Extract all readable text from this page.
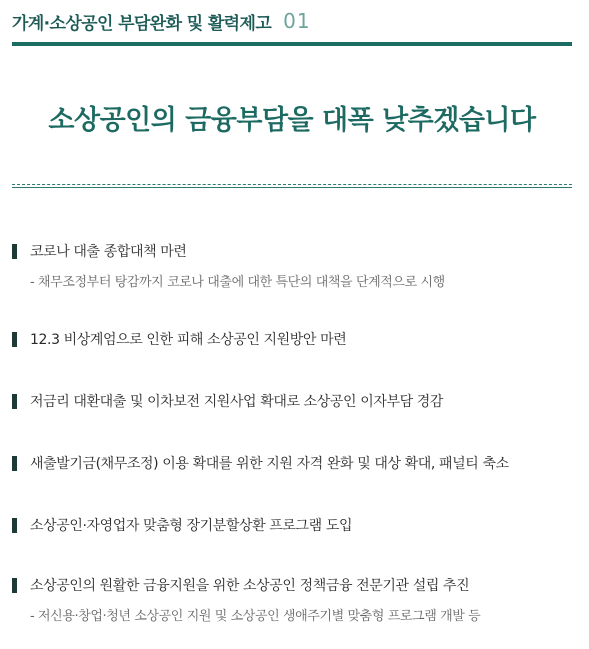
가계·소상공인 부담완화 및 활력제고 01
소상공인의 금융부담을 대폭 낮추겠습니다
코로나 대출 종합대책 마련
- 채무조정부터 탕감까지 코로나 대출에 대한 특단의 대책을 단계적으로 시행
12.3 비상계엄으로 인한 피해 소상공인 지원방안 마련
저금리 대환대출 및 이차보전 지원사업 확대로 소상공인 이자부담 경감
새출발기금(채무조정) 이용 확대를 위한 지원 자격 완화 및 대상 확대, 패널티 축소
소상공인·자영업자 맞춤형 장기분할상환 프로그램 도입
소상공인의 원활한 금융지원을 위한 소상공인 정책금융 전문기관 설립 추진
- 저신용·창업·청년 소상공인 지원 및 소상공인 생애주기별 맞춤형 프로그램 개발 등
